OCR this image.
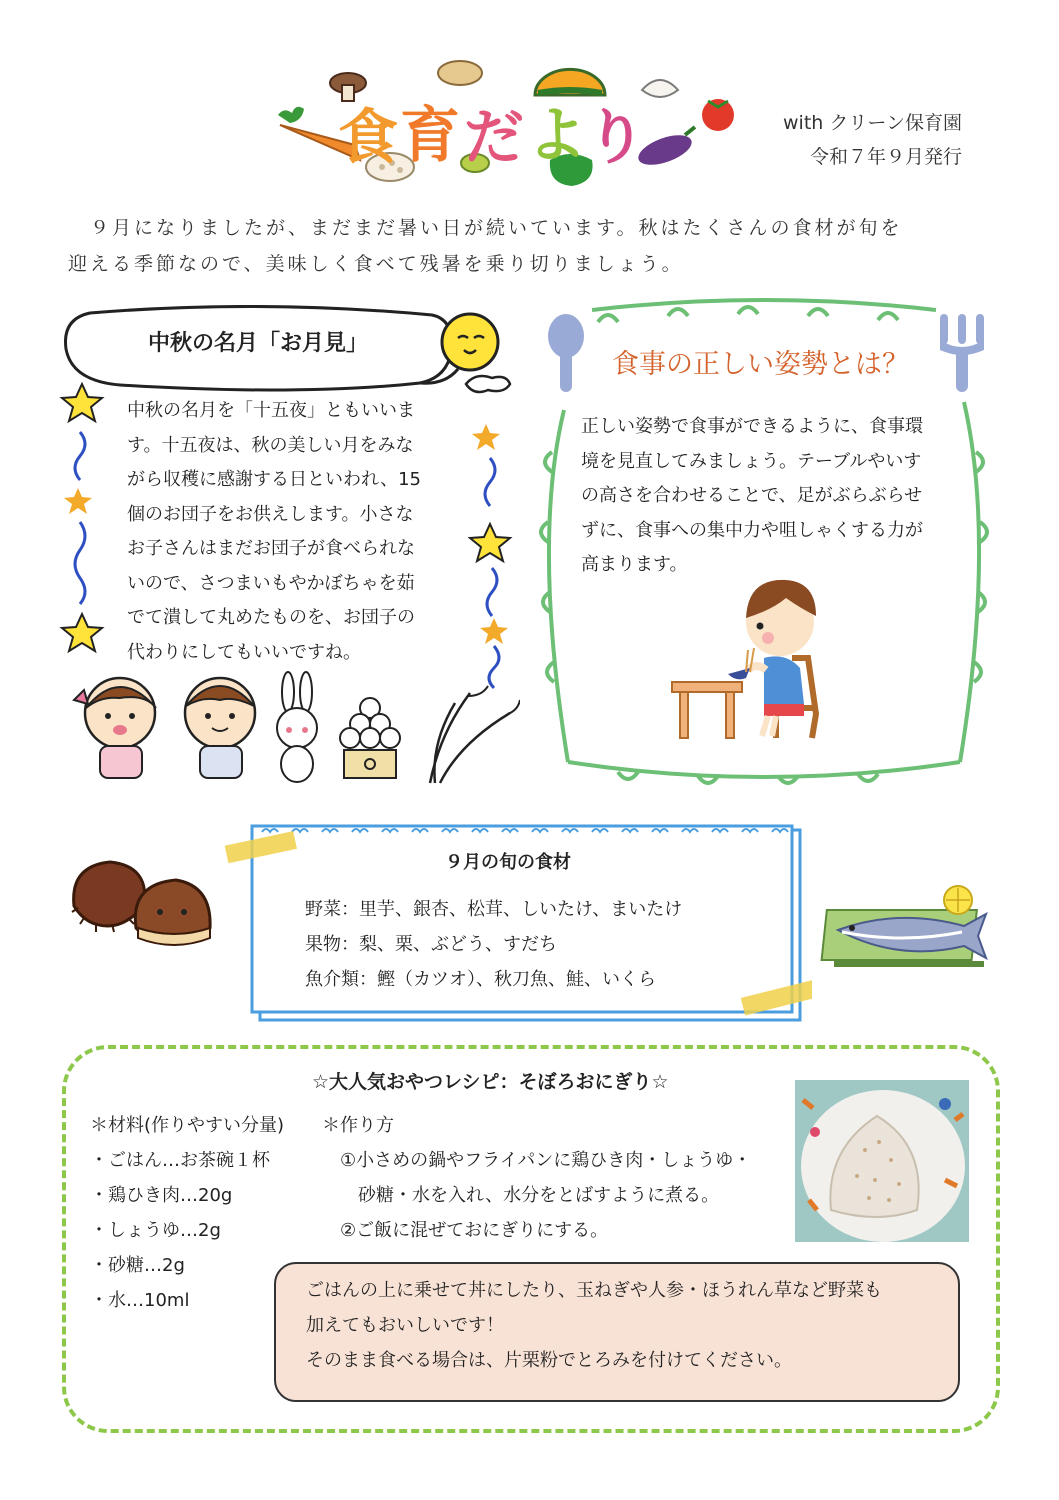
食 育 だ よ り	with クリーン保育園
令和７年９月発行
９月になりましたが、まだまだ暑い日が続いています。秋はたくさんの食材が旬を
迎える季節なので、美味しく食べて残暑を乗り切りましょう。
中秋の名月「お月見」
中秋の名月を「十五夜」ともいいま
す。十五夜は、秋の美しい月をみな
がら収穫に感謝する日といわれ、15
個のお団子をお供えします。小さな
お子さんはまだお団子が食べられな
いので、さつまいもやかぼちゃを茹
でて潰して丸めたものを、お団子の
代わりにしてもいいですね。
食事の正しい姿勢とは？
正しい姿勢で食事ができるように、食事環
境を見直してみましょう。テーブルやいす
の高さを合わせることで、足がぶらぶらせ
ずに、食事への集中力や咀しゃくする力が
高まります。
９月の旬の食材
野菜：里芋、銀杏、松茸、しいたけ、まいたけ
果物：梨、栗、ぶどう、すだち
魚介類：鰹（カツオ）、秋刀魚、鮭、いくら
☆大人気おやつレシピ：そぼろおにぎり☆
＊材料(作りやすい分量)
・ごはん…お茶碗１杯
・鶏ひき肉…20g
・しょうゆ…2g
・砂糖…2g
・水…10ml
＊作り方
①小さめの鍋やフライパンに鶏ひき肉・しょうゆ・
　砂糖・水を入れ、水分をとばすように煮る。
②ご飯に混ぜておにぎりにする。
ごはんの上に乗せて丼にしたり、玉ねぎや人参・ほうれん草など野菜も
加えてもおいしいです！
そのまま食べる場合は、片栗粉でとろみを付けてください。
